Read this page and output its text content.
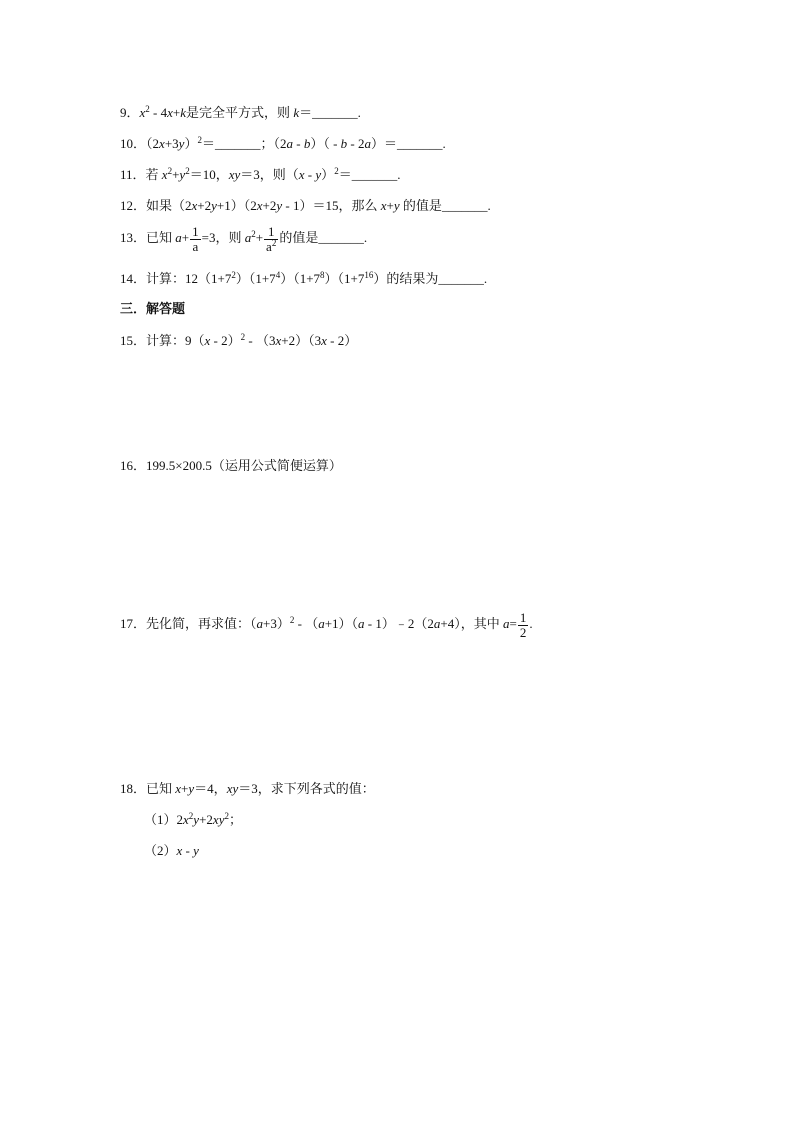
9．$x^2 - 4x+k$是完全平方式，则 k＝_______.
10．$(2x+3y)^2=\_\_\_\_\_\_\_$；（2a - b）（ - b - 2a）＝_______.
11．若 $x^2+y^2=10$，xy＝3，则（x - y）$^2$＝_______.
12．如果（2x+2y+1）（2x+2y - 1）＝15，那么 x+y 的值是_______.
13．已知 $a+ \frac{1}{a} =3$，则 $a^2+ \frac{1}{a^2}$ 的值是_______.
14．计算：$12(1+7^2)(1+7^4)(1+7^8)(1+7^{16})$的结果为_______.
三．解答题
15．计算：9（x - 2）$^2$ - （3x+2）（3x - 2）
16．199.5×200.5（运用公式简便运算）
17．先化简，再求值：$(a+3)^2 - (a+1)(a$ - 1）﹣2（2a+4），其中 $a= \frac{1}{2}$ .
18．已知 x+y＝4，xy＝3，求下列各式的值：
$(1)2x^2y+2xy^2$；
（2）x - y
